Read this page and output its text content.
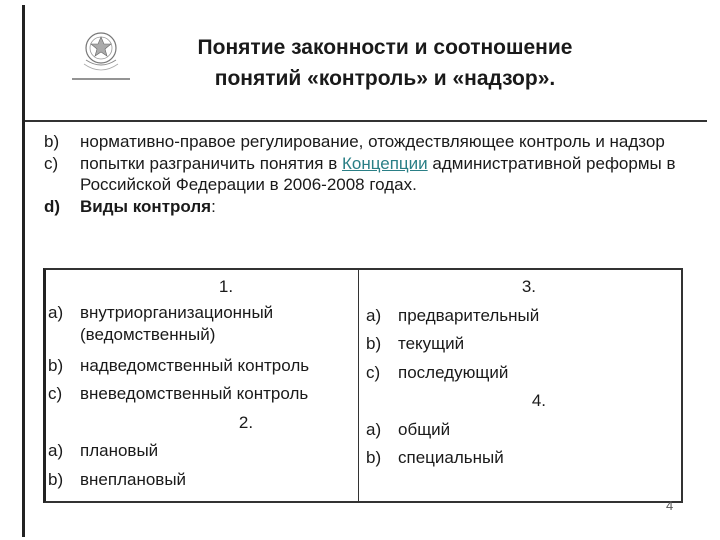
Понятие законности и соотношение
понятий «контроль» и «надзор».
b)	нормативно-правое регулирование, отождествляющее контроль и надзор
c)	попытки разграничить понятия в Концепции административной реформы в Российской Федерации в 2006-2008 годах.
d)	Виды контроля:
1.
a) внутриорганизационный
(ведомственный)
b) надведомственный контроль
c)	вневедомственный контроль
2.
a) плановый
b) внеплановый
3.
a) предварительный
b) текущий
c)	последующий
4.
a) общий
b) специальный
4
